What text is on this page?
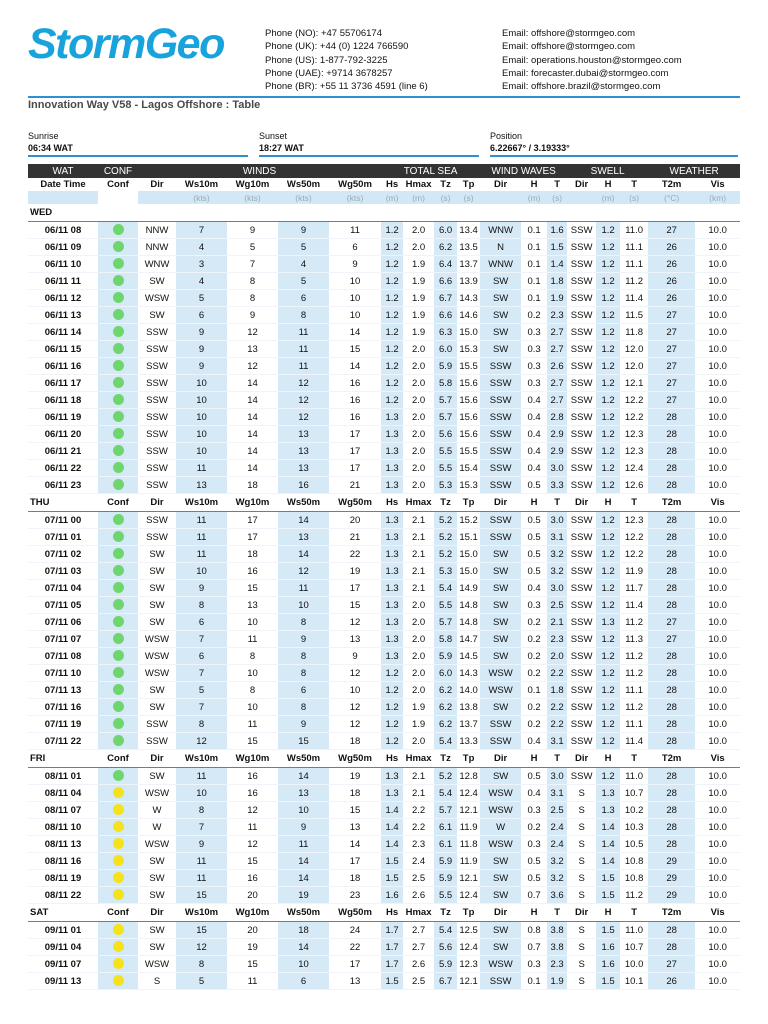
StormGeo	Phone (NO): +47 55706174
Phone (UK): +44 (0) 1224 766590
Phone (US): 1-877-792-3225
Phone (UAE): +9714 3678257
Phone (BR): +55 11 3736 4591 (line 6)
Email: offshore@stormgeo.com
Email: offshore@stormgeo.com
Email: operations.houston@stormgeo.com
Email: forecaster.dubai@stormgeo.com
Email: offshore.brazil@stormgeo.com
Innovation Way V58 - Lagos Offshore : Table
Sunrise
06:34 WAT
Sunset
18:27 WAT
Position
6.22667° / 3.19333°
WAT	CONF	WINDS					TOTAL SEA				WIND WAVES			SWELL			WEATHER	
Date Time	Conf	Dir	Ws10m	Wg10m	Ws50m	Wg50m	Hs	Hmax	Tz	Tp	Dir	H	T	Dir	H	T	T2m	Vis
			(kts)	(kts)	(kts)	(kts)	(m)	(m)	(s)	(s)		(m)	(s)		(m)	(s)	(°C)	(km)
WED																		
06/11 08		NNW	7	9	9	11	1.2	2.0	6.0	13.4	WNW	0.1	1.6	SSW	1.2	11.0	27	10.0
06/11 09		NNW	4	5	5	6	1.2	2.0	6.2	13.5	N	0.1	1.5	SSW	1.2	11.1	26	10.0
06/11 10		WNW	3	7	4	9	1.2	1.9	6.4	13.7	WNW	0.1	1.4	SSW	1.2	11.1	26	10.0
06/11 11		SW	4	8	5	10	1.2	1.9	6.6	13.9	SW	0.1	1.8	SSW	1.2	11.2	26	10.0
06/11 12		WSW	5	8	6	10	1.2	1.9	6.7	14.3	SW	0.1	1.9	SSW	1.2	11.4	26	10.0
06/11 13		SW	6	9	8	10	1.2	1.9	6.6	14.6	SW	0.2	2.3	SSW	1.2	11.5	27	10.0
06/11 14		SSW	9	12	11	14	1.2	1.9	6.3	15.0	SW	0.3	2.7	SSW	1.2	11.8	27	10.0
06/11 15		SSW	9	13	11	15	1.2	2.0	6.0	15.3	SW	0.3	2.7	SSW	1.2	12.0	27	10.0
06/11 16		SSW	9	12	11	14	1.2	2.0	5.9	15.5	SSW	0.3	2.6	SSW	1.2	12.0	27	10.0
06/11 17		SSW	10	14	12	16	1.2	2.0	5.8	15.6	SSW	0.3	2.7	SSW	1.2	12.1	27	10.0
06/11 18		SSW	10	14	12	16	1.2	2.0	5.7	15.6	SSW	0.4	2.7	SSW	1.2	12.2	27	10.0
06/11 19		SSW	10	14	12	16	1.3	2.0	5.7	15.6	SSW	0.4	2.8	SSW	1.2	12.2	28	10.0
06/11 20		SSW	10	14	13	17	1.3	2.0	5.6	15.6	SSW	0.4	2.9	SSW	1.2	12.3	28	10.0
06/11 21		SSW	10	14	13	17	1.3	2.0	5.5	15.5	SSW	0.4	2.9	SSW	1.2	12.3	28	10.0
06/11 22		SSW	11	14	13	17	1.3	2.0	5.5	15.4	SSW	0.4	3.0	SSW	1.2	12.4	28	10.0
06/11 23		SSW	13	18	16	21	1.3	2.0	5.3	15.3	SSW	0.5	3.3	SSW	1.2	12.6	28	10.0
THU	Conf	Dir	Ws10m	Wg10m	Ws50m	Wg50m	Hs	Hmax	Tz	Tp	Dir	H	T	Dir	H	T	T2m	Vis
07/11 00		SSW	11	17	14	20	1.3	2.1	5.2	15.2	SSW	0.5	3.0	SSW	1.2	12.3	28	10.0
07/11 01		SSW	11	17	13	21	1.3	2.1	5.2	15.1	SSW	0.5	3.1	SSW	1.2	12.2	28	10.0
07/11 02		SW	11	18	14	22	1.3	2.1	5.2	15.0	SW	0.5	3.2	SSW	1.2	12.2	28	10.0
07/11 03		SW	10	16	12	19	1.3	2.1	5.3	15.0	SW	0.5	3.2	SSW	1.2	11.9	28	10.0
07/11 04		SW	9	15	11	17	1.3	2.1	5.4	14.9	SW	0.4	3.0	SSW	1.2	11.7	28	10.0
07/11 05		SW	8	13	10	15	1.3	2.0	5.5	14.8	SW	0.3	2.5	SSW	1.2	11.4	28	10.0
07/11 06		SW	6	10	8	12	1.3	2.0	5.7	14.8	SW	0.2	2.1	SSW	1.3	11.2	27	10.0
07/11 07		WSW	7	11	9	13	1.3	2.0	5.8	14.7	SW	0.2	2.3	SSW	1.2	11.3	27	10.0
07/11 08		WSW	6	8	8	9	1.3	2.0	5.9	14.5	SW	0.2	2.0	SSW	1.2	11.2	28	10.0
07/11 10		WSW	7	10	8	12	1.2	2.0	6.0	14.3	WSW	0.2	2.2	SSW	1.2	11.2	28	10.0
07/11 13		SW	5	8	6	10	1.2	2.0	6.2	14.0	WSW	0.1	1.8	SSW	1.2	11.1	28	10.0
07/11 16		SW	7	10	8	12	1.2	1.9	6.2	13.8	SW	0.2	2.2	SSW	1.2	11.2	28	10.0
07/11 19		SSW	8	11	9	12	1.2	1.9	6.2	13.7	SSW	0.2	2.2	SSW	1.2	11.1	28	10.0
07/11 22		SSW	12	15	15	18	1.2	2.0	5.4	13.3	SSW	0.4	3.1	SSW	1.2	11.4	28	10.0
FRI	Conf	Dir	Ws10m	Wg10m	Ws50m	Wg50m	Hs	Hmax	Tz	Tp	Dir	H	T	Dir	H	T	T2m	Vis
08/11 01		SW	11	16	14	19	1.3	2.1	5.2	12.8	SW	0.5	3.0	SSW	1.2	11.0	28	10.0
08/11 04		WSW	10	16	13	18	1.3	2.1	5.4	12.4	WSW	0.4	3.1	S	1.3	10.7	28	10.0
08/11 07		W	8	12	10	15	1.4	2.2	5.7	12.1	WSW	0.3	2.5	S	1.3	10.2	28	10.0
08/11 10		W	7	11	9	13	1.4	2.2	6.1	11.9	W	0.2	2.4	S	1.4	10.3	28	10.0
08/11 13		WSW	9	12	11	14	1.4	2.3	6.1	11.8	WSW	0.3	2.4	S	1.4	10.5	28	10.0
08/11 16		SW	11	15	14	17	1.5	2.4	5.9	11.9	SW	0.5	3.2	S	1.4	10.8	29	10.0
08/11 19		SW	11	16	14	18	1.5	2.5	5.9	12.1	SW	0.5	3.2	S	1.5	10.8	29	10.0
08/11 22		SW	15	20	19	23	1.6	2.6	5.5	12.4	SW	0.7	3.6	S	1.5	11.2	29	10.0
SAT	Conf	Dir	Ws10m	Wg10m	Ws50m	Wg50m	Hs	Hmax	Tz	Tp	Dir	H	T	Dir	H	T	T2m	Vis
09/11 01		SW	15	20	18	24	1.7	2.7	5.4	12.5	SW	0.8	3.8	S	1.5	11.0	28	10.0
09/11 04		SW	12	19	14	22	1.7	2.7	5.6	12.4	SW	0.7	3.8	S	1.6	10.7	28	10.0
09/11 07		WSW	8	15	10	17	1.7	2.6	5.9	12.3	WSW	0.3	2.3	S	1.6	10.0	27	10.0
09/11 13		S	5	11	6	13	1.5	2.5	6.7	12.1	SSW	0.1	1.9	S	1.5	10.1	26	10.0
